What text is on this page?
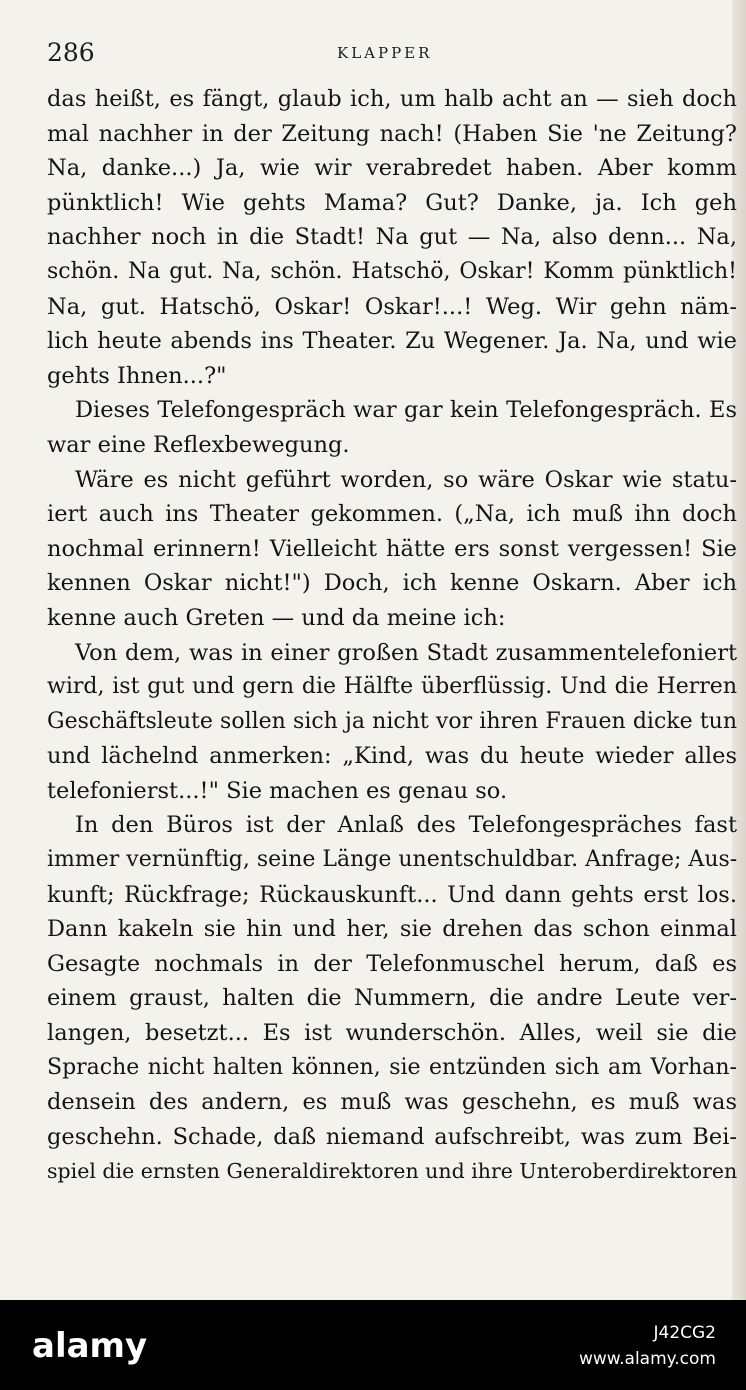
286	KLAPPER
das heißt, es fängt, glaub ich, um halb acht an — sieh doch
mal nachher in der Zeitung nach! (Haben Sie 'ne Zeitung?
Na, danke...) Ja, wie wir verabredet haben. Aber komm
pünktlich! Wie gehts Mama? Gut? Danke, ja. Ich geh
nachher noch in die Stadt! Na gut — Na, also denn... Na,
schön. Na gut. Na, schön. Hatschö, Oskar! Komm pünktlich!
Na, gut. Hatschö, Oskar! Oskar!...! Weg. Wir gehn näm-
lich heute abends ins Theater. Zu Wegener. Ja. Na, und wie
gehts Ihnen...?"
Dieses Telefongespräch war gar kein Telefongespräch. Es
war eine Reflexbewegung.
Wäre es nicht geführt worden, so wäre Oskar wie statu-
iert auch ins Theater gekommen. („Na, ich muß ihn doch
nochmal erinnern! Vielleicht hätte ers sonst vergessen! Sie
kennen Oskar nicht!") Doch, ich kenne Oskarn. Aber ich
kenne auch Greten — und da meine ich:
Von dem, was in einer großen Stadt zusammentelefoniert
wird, ist gut und gern die Hälfte überflüssig. Und die Herren
Geschäftsleute sollen sich ja nicht vor ihren Frauen dicke tun
und lächelnd anmerken: „Kind, was du heute wieder alles
telefonierst...!" Sie machen es genau so.
In den Büros ist der Anlaß des Telefongespräches fast
immer vernünftig, seine Länge unentschuldbar. Anfrage; Aus-
kunft; Rückfrage; Rückauskunft... Und dann gehts erst los.
Dann kakeln sie hin und her, sie drehen das schon einmal
Gesagte nochmals in der Telefonmuschel herum, daß es
einem graust, halten die Nummern, die andre Leute ver-
langen, besetzt... Es ist wunderschön. Alles, weil sie die
Sprache nicht halten können, sie entzünden sich am Vorhan-
densein des andern, es muß was geschehn, es muß was
geschehn. Schade, daß niemand aufschreibt, was zum Bei-
spiel die ernsten Generaldirektoren und ihre Unteroberdirektoren
alamy	J42CG2
www.alamy.com
